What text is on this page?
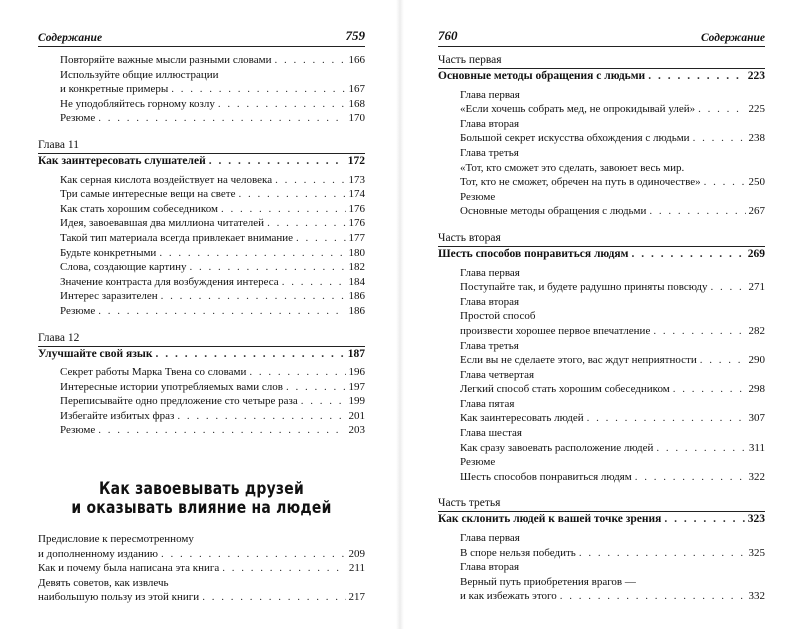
Содержание	759
Повторяйте важные мысли разными словами . . .	166
Используйте общие иллюстрации
и конкретные примеры . . .	167
Не уподобляйтесь горному козлу . . .	168
Резюме . . .	170
Глава 11
Как заинтересовать слушателей . . .	172
Как серная кислота воздействует на человека . . .	173
Три самые интересные вещи на свете . . .	174
Как стать хорошим собеседником . . .	176
Идея, завоевавшая два миллиона читателей . . .	176
Такой тип материала всегда привлекает внимание . . .	177
Будьте конкретными . . .	180
Слова, создающие картину . . .	182
Значение контраста для возбуждения интереса . . .	184
Интерес заразителен . . .	186
Резюме . . .	186
Глава 12
Улучшайте свой язык . . .	187
Секрет работы Марка Твена со словами . . .	196
Интересные истории употребляемых вами слов . . .	197
Переписывайте одно предложение сто четыре раза . . .	199
Избегайте избитых фраз . . .	201
Резюме . . .	203
Как завоевывать друзей
и оказывать влияние на людей
Предисловие к пересмотренному
и дополненному изданию . . .	209
Как и почему была написана эта книга . . .	211
Девять советов, как извлечь
наибольшую пользу из этой книги . . .	217
760	Содержание
Часть первая
Основные методы обращения с людьми . . .	223
Глава первая
«Если хочешь собрать мед, не опрокидывай улей» . . .	225
Глава вторая
Большой секрет искусства обхождения с людьми . . .	238
Глава третья
«Тот, кто сможет это сделать, завоюет весь мир.
Тот, кто не сможет, обречен на путь в одиночестве» . . .	250
Резюме
Основные методы обращения с людьми . . .	267
Часть вторая
Шесть способов понравиться людям . . .	269
Глава первая
Поступайте так, и будете радушно приняты повсюду . . .	271
Глава вторая
Простой способ
произвести хорошее первое впечатление . . .	282
Глава третья
Если вы не сделаете этого, вас ждут неприятности . . .	290
Глава четвертая
Легкий способ стать хорошим собеседником . . .	298
Глава пятая
Как заинтересовать людей . . .	307
Глава шестая
Как сразу завоевать расположение людей . . .	311
Резюме
Шесть способов понравиться людям . . .	322
Часть третья
Как склонить людей к вашей точке зрения . . .	323
Глава первая
В споре нельзя победить . . .	325
Глава вторая
Верный путь приобретения врагов —
и как избежать этого . . .	332
